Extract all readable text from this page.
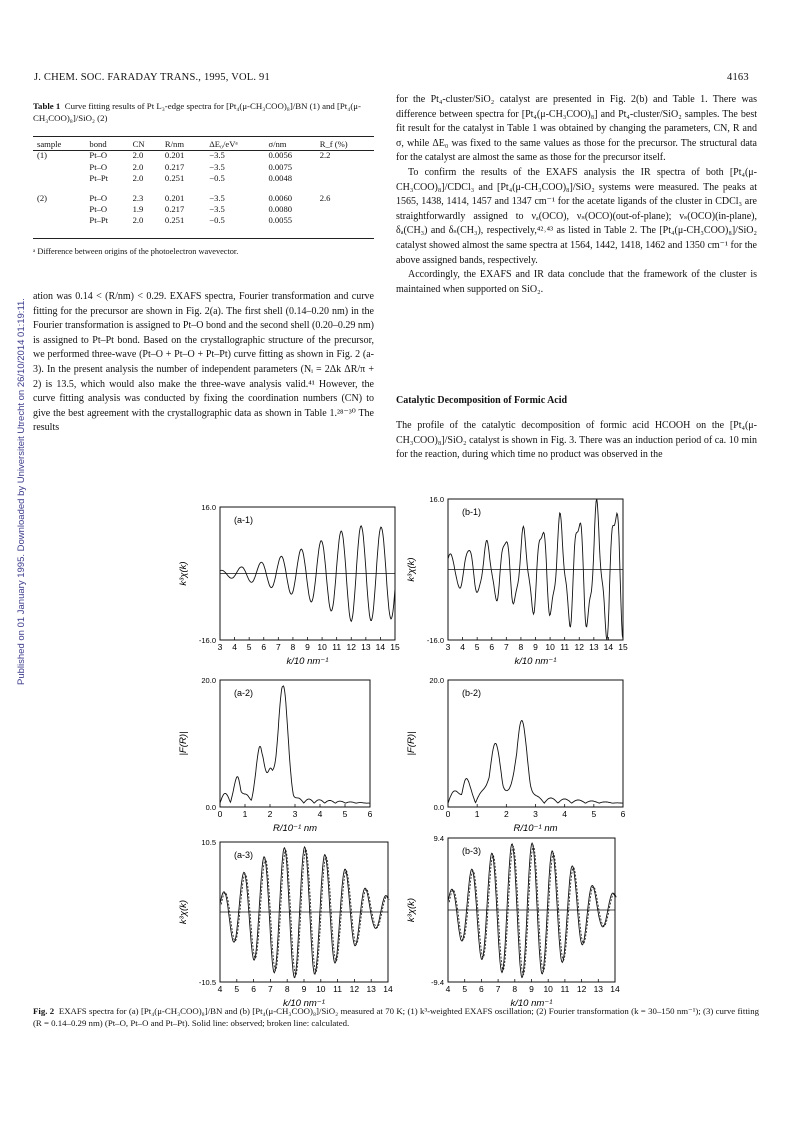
Published on 01 January 1995. Downloaded by Universiteit Utrecht on 26/10/2014 01:19:11.
J. CHEM. SOC. FARADAY TRANS., 1995, VOL. 91	4163
Table 1 Curve fitting results of Pt L₃-edge spectra for [Pt₄(μ-CH₃COO)₈]/BN (1) and [Pt₄(μ-CH₃COO)₈]/SiO₂ (2)
sample	bond	CN	R/nm	ΔE₀/eVᵃ	σ/nm	R_f (%)
(1)	Pt–O	2.0	0.201	−3.5	0.0056	2.2
	Pt–O	2.0	0.217	−3.5	0.0075	
	Pt–Pt	2.0	0.251	−0.5	0.0048	
(2)	Pt–O	2.3	0.201	−3.5	0.0060	2.6
	Pt–O	1.9	0.217	−3.5	0.0080	
	Pt–Pt	2.0	0.251	−0.5	0.0055	
ᵃ Difference between origins of the photoelectron wavevector.

ation was 0.14 < (R/nm) < 0.29. EXAFS spectra, Fourier transformation and curve fitting for the precursor are shown in Fig. 2(a). The first shell (0.14–0.20 nm) in the Fourier transformation is assigned to Pt–O bond and the second shell (0.20–0.29 nm) is assigned to Pt–Pt bond. Based on the crystallographic structure of the precursor, we performed three-wave (Pt–O + Pt–O + Pt–Pt) curve fitting as shown in Fig. 2 (a-3). In the present analysis the number of independent parameters (Nᵢ = 2Δk ΔR/π + 2) is 13.5, which would also make the three-wave analysis valid.⁴¹ However, the curve fitting analysis was conducted by fixing the coordination numbers (CN) to give the best agreement with the crystallographic data as shown in Table 1.²⁸⁻³⁰ The results

for the Pt₄-cluster/SiO₂ catalyst are presented in Fig. 2(b) and Table 1. There was difference between spectra for [Pt₄(μ-CH₃COO)₈] and Pt₄-cluster/SiO₂ samples. The best fit result for the catalyst in Table 1 was obtained by changing the parameters, CN, R and σ, while ΔE₀ was fixed to the same values as those for the precursor. The structural data for the catalyst are almost the same as those for the precursor itself.

To confirm the results of the EXAFS analysis the IR spectra of both [Pt₄(μ-CH₃COO)₈]/CDCl₃ and [Pt₄(μ-CH₃COO)₈]/SiO₂ systems were measured. The peaks at 1565, 1438, 1414, 1457 and 1347 cm⁻¹ for the acetate ligands of the cluster in CDCl₃ are straightforwardly assigned to νₐ(OCO), νₛ(OCO)(out-of-plane); νₛ(OCO)(in-plane), δₐ(CH₃) and δₛ(CH₃), respectively,⁴²˒⁴³ as listed in Table 2. The [Pt₄(μ-CH₃COO)₈]/SiO₂ catalyst showed almost the same spectra at 1564, 1442, 1418, 1462 and 1350 cm⁻¹ for the above assigned bands, respectively.

Accordingly, the EXAFS and IR data conclude that the framework of the cluster is maintained when supported on SiO₂.

Catalytic Decomposition of Formic Acid
The profile of the catalytic decomposition of formic acid HCOOH on the [Pt₄(μ-CH₃COO)₈]/SiO₂ catalyst is shown in Fig. 3. There was an induction period of ca. 10 min for the reaction, during which time no product was observed in the
16.0
-16.0
3 4 5 6 7 8 9 10 11 12 13 14 15
(a-1)
k/10 nm⁻¹
k³χ(k)
16.0
-16.0
3 4 5 6 7 8 9 10 11 12 13 14 15
(b-1)
k/10 nm⁻¹
k³χ(k)
20.0
0.0
0 1 2 3 4 5 6
(a-2)
R/10⁻¹ nm
|F(R)|
20.0
0.0
0	1	2	3	4	5	6
(b-2)
R/10⁻¹ nm
|F(R)|
10.5
-10.5
4 5 6 7 8 9 10 11 12 13 14
(a-3)
k/10 nm⁻¹
k³χ(k)
9.4
-9.4
4 5 6 7 8 9 10 11 12 13 14
(b-3)
k/10 nm⁻¹
k³χ(k)
Fig. 2 EXAFS spectra for (a) [Pt₄(μ-CH₃COO)₈]/BN and (b) [Pt₄(μ-CH₃COO)₈]/SiO₂ measured at 70 K; (1) k³-weighted EXAFS oscillation; (2) Fourier transformation (k = 30–150 nm⁻¹); (3) curve fitting (R = 0.14–0.29 nm) (Pt–O, Pt–O and Pt–Pt). Solid line: observed; broken line: calculated.
